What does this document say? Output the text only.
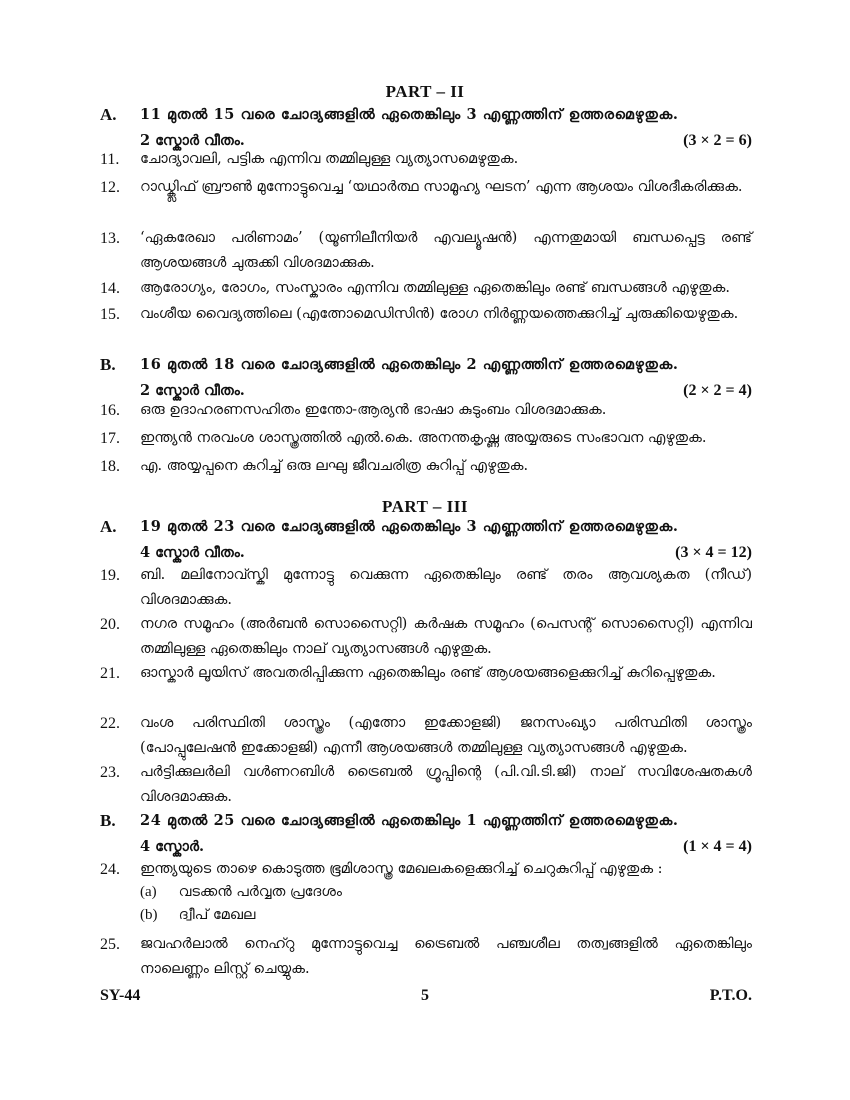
PART – II
A. 11 മുതൽ 15 വരെ ചോദ്യങ്ങളിൽ ഏതെങ്കിലും 3 എണ്ണത്തിന് ഉത്തരമെഴുതുക.
2 സ്കോർ വീതം.	(3 × 2 = 6)
11. ചോദ്യാവലി, പട്ടിക എന്നിവ തമ്മിലുള്ള വ്യത്യാസമെഴുതുക.
12. റാഡ്ക്ലിഫ് ബ്രൗൺ മുന്നോട്ടുവെച്ച ‘യഥാർത്ഥ സാമൂഹ്യ ഘടന’ എന്ന ആശയം വിശദീകരിക്കുക.
13. ‘ഏകരേഖാ പരിണാമം’ (യൂണിലീനിയർ എവല്യൂഷൻ) എന്നതുമായി ബന്ധപ്പെട്ട രണ്ട് ആശയങ്ങൾ ചുരുക്കി വിശദമാക്കുക.
14. ആരോഗ്യം, രോഗം, സംസ്കാരം എന്നിവ തമ്മിലുള്ള ഏതെങ്കിലും രണ്ട് ബന്ധങ്ങൾ എഴുതുക.
15. വംശീയ വൈദ്യത്തിലെ (എത്നോമെഡിസിൻ) രോഗ നിർണ്ണയത്തെക്കുറിച്ച് ചുരുക്കിയെഴുതുക.
B. 16 മുതൽ 18 വരെ ചോദ്യങ്ങളിൽ ഏതെങ്കിലും 2 എണ്ണത്തിന് ഉത്തരമെഴുതുക.
2 സ്കോർ വീതം.	(2 × 2 = 4)
16. ഒരു ഉദാഹരണസഹിതം ഇന്തോ-ആര്യൻ ഭാഷാ കുടുംബം വിശദമാക്കുക.
17. ഇന്ത്യൻ നരവംശ ശാസ്ത്രത്തിൽ എൽ.കെ. അനന്തകൃഷ്ണ അയ്യരുടെ സംഭാവന എഴുതുക.
18. എ. അയ്യപ്പനെ കുറിച്ച് ഒരു ലഘു ജീവചരിത്ര കുറിപ്പ് എഴുതുക.
PART – III
A. 19 മുതൽ 23 വരെ ചോദ്യങ്ങളിൽ ഏതെങ്കിലും 3 എണ്ണത്തിന് ഉത്തരമെഴുതുക.
4 സ്കോർ വീതം.	(3 × 4 = 12)
19. ബി. മലിനോവ്സ്കി മുന്നോട്ടു വെക്കുന്ന ഏതെങ്കിലും രണ്ട് തരം ആവശ്യകത (നീഡ്) വിശദമാക്കുക.
20. നഗര സമൂഹം (അർബൻ സൊസൈറ്റി) കർഷക സമൂഹം (പെസന്റ് സൊസൈറ്റി) എന്നിവ തമ്മിലുള്ള ഏതെങ്കിലും നാല് വ്യത്യാസങ്ങൾ എഴുതുക.
21. ഓസ്കാർ ലൂയിസ് അവതരിപ്പിക്കുന്ന ഏതെങ്കിലും രണ്ട് ആശയങ്ങളെക്കുറിച്ച് കുറിപ്പെഴുതുക.
22. വംശ പരിസ്ഥിതി ശാസ്ത്രം (എത്നോ ഇക്കോളജി) ജനസംഖ്യാ പരിസ്ഥിതി ശാസ്ത്രം (പോപ്പുലേഷൻ ഇക്കോളജി) എന്നീ ആശയങ്ങൾ തമ്മിലുള്ള വ്യത്യാസങ്ങൾ എഴുതുക.
23. പർട്ടിക്കുലർലി വൾണറബിൾ ട്രൈബൽ ഗ്രൂപ്പിന്റെ (പി.വി.ടി.ജി) നാല് സവിശേഷതകൾ വിശദമാക്കുക.
B. 24 മുതൽ 25 വരെ ചോദ്യങ്ങളിൽ ഏതെങ്കിലും 1 എണ്ണത്തിന് ഉത്തരമെഴുതുക.
4 സ്കോർ.	(1 × 4 = 4)
24. ഇന്ത്യയുടെ താഴെ കൊടുത്ത ഭൂമിശാസ്ത്ര മേഖലകളെക്കുറിച്ച് ചെറുകുറിപ്പ് എഴുതുക :
(a) വടക്കൻ പർവ്വത പ്രദേശം
(b) ദ്വീപ് മേഖല
25. ജവഹർലാൽ നെഹ്റു മുന്നോട്ടുവെച്ച ട്രൈബൽ പഞ്ചശീല തത്വങ്ങളിൽ ഏതെങ്കിലും നാലെണ്ണം ലിസ്റ്റ് ചെയ്യുക.
SY-44	5	P.T.O.
